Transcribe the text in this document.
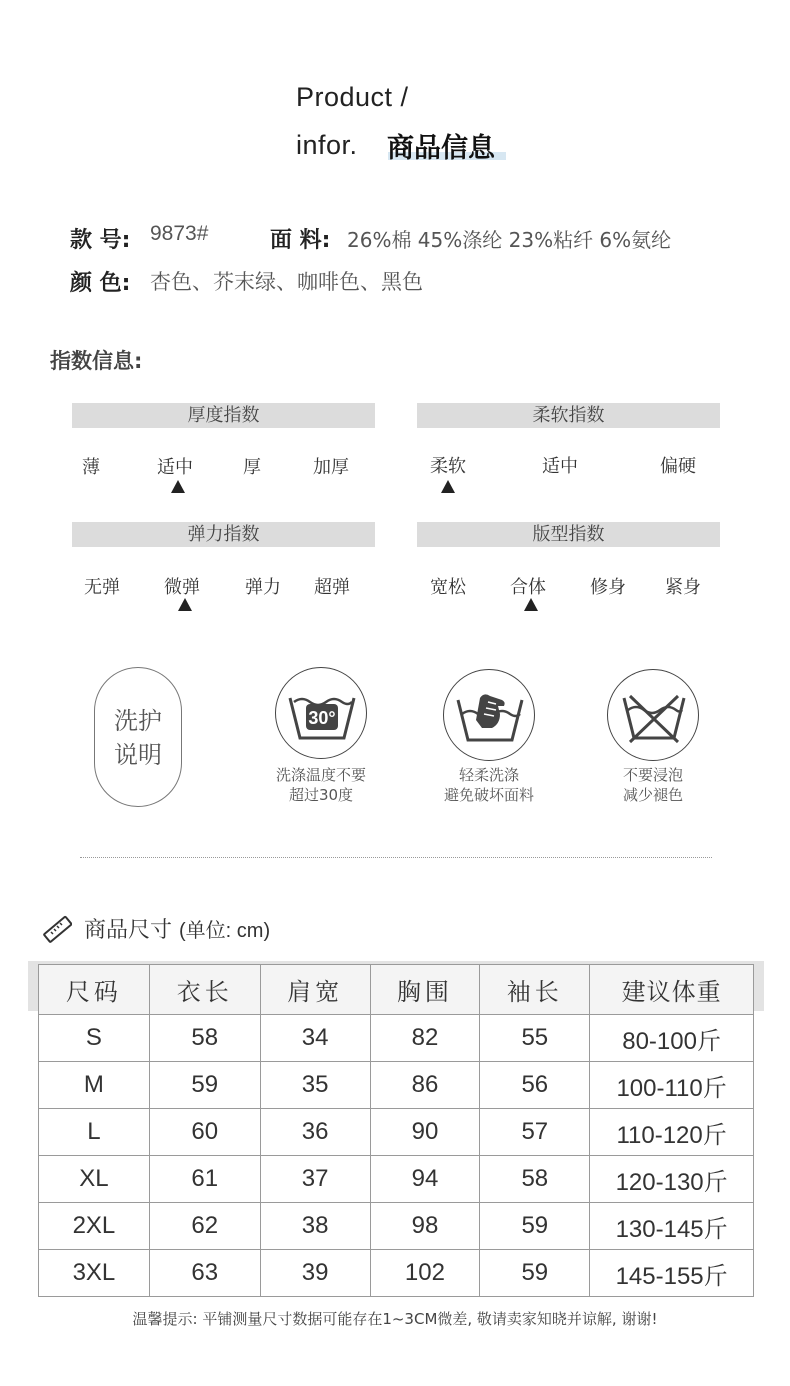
Product /
infor. 商品信息
款 号: 9873#	面 料: 26%棉 45%涤纶 23%粘纤 6%氨纶
颜 色: 杏色、芥末绿、咖啡色、黑色
指数信息:
厚度指数
薄	适中	厚	加厚
柔软指数
柔软	适中	偏硬
弹力指数
无弹 微弹	弹力 超弹
版型指数
宽松 合体 修身 紧身
洗护
说明
30°
洗涤温度不要
超过30度
轻柔洗涤
避免破坏面料
不要浸泡
减少褪色
商品尺寸 (单位: cm)
尺码	衣长	肩宽	胸围	袖长	建议体重
S	58	34	82	55	80-100斤
M	59	35	86	56	100-110斤
L	60	36	90	57	110-120斤
XL	61	37	94	58	120-130斤
2XL	62	38	98	59	130-145斤
3XL	63	39	102	59	145-155斤
温馨提示: 平铺测量尺寸数据可能存在1~3CM微差, 敬请卖家知晓并谅解, 谢谢!
